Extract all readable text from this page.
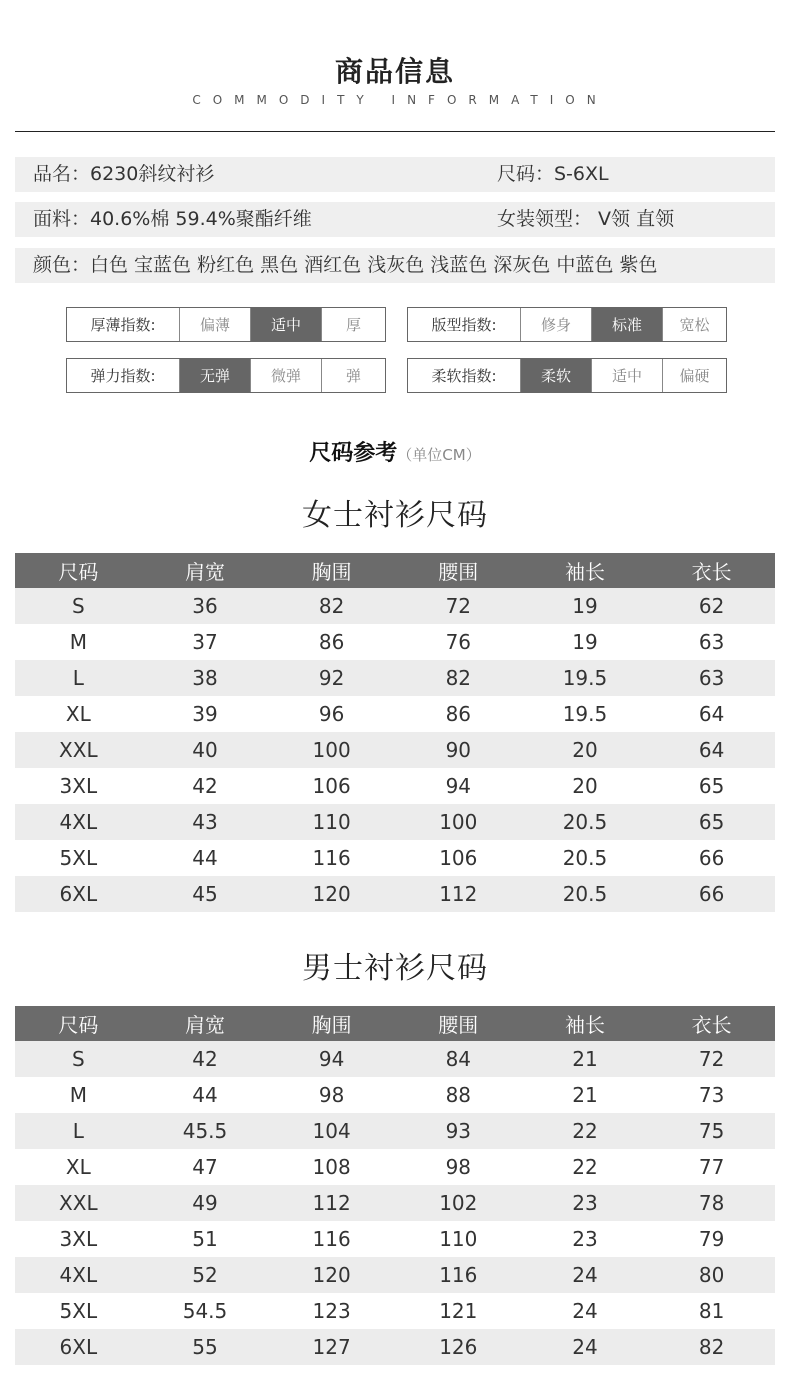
商品信息
COMMODITY INFORMATION
品名：6230斜纹衬衫	尺码：S-6XL
面料：40.6%棉 59.4%聚酯纤维	女装领型： V领 直领
颜色：白色 宝蓝色 粉红色 黑色 酒红色 浅灰色 浅蓝色 深灰色 中蓝色 紫色
厚薄指数:	偏薄	适中	厚	版型指数:	修身	标准	宽松
弹力指数:	无弹	微弹	弹	柔软指数:	柔软	适中	偏硬
尺码参考（单位CM）
女士衬衫尺码
尺码	肩宽	胸围	腰围	袖长	衣长
S	36	82	72	19	62
M	37	86	76	19	63
L	38	92	82	19.5	63
XL	39	96	86	19.5	64
XXL	40	100	90	20	64
3XL	42	106	94	20	65
4XL	43	110	100	20.5	65
5XL	44	116	106	20.5	66
6XL	45	120	112	20.5	66
男士衬衫尺码
尺码	肩宽	胸围	腰围	袖长	衣长
S	42	94	84	21	72
M	44	98	88	21	73
L	45.5	104	93	22	75
XL	47	108	98	22	77
XXL	49	112	102	23	78
3XL	51	116	110	23	79
4XL	52	120	116	24	80
5XL	54.5	123	121	24	81
6XL	55	127	126	24	82
